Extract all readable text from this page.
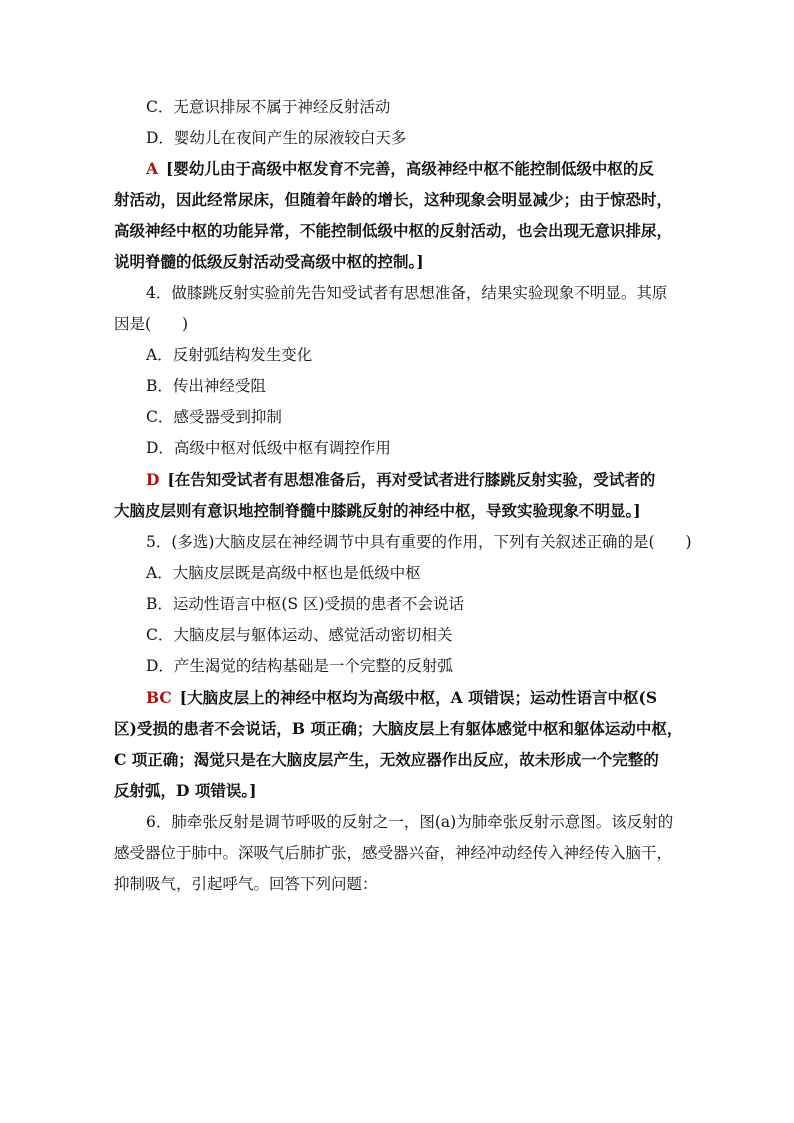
C．无意识排尿不属于神经反射活动
D．婴幼儿在夜间产生的尿液较白天多
A [婴幼儿由于高级中枢发育不完善，高级神经中枢不能控制低级中枢的反
射活动，因此经常尿床，但随着年龄的增长，这种现象会明显减少；由于惊恐时，
高级神经中枢的功能异常，不能控制低级中枢的反射活动，也会出现无意识排尿，
说明脊髓的低级反射活动受高级中枢的控制。]
4．做膝跳反射实验前先告知受试者有思想准备，结果实验现象不明显。其原
因是(　　)
A．反射弧结构发生变化
B．传出神经受阻
C．感受器受到抑制
D．高级中枢对低级中枢有调控作用
D [在告知受试者有思想准备后，再对受试者进行膝跳反射实验，受试者的
大脑皮层则有意识地控制脊髓中膝跳反射的神经中枢，导致实验现象不明显。]
5．(多选)大脑皮层在神经调节中具有重要的作用，下列有关叙述正确的是(　　)
A．大脑皮层既是高级中枢也是低级中枢
B．运动性语言中枢(S 区)受损的患者不会说话
C．大脑皮层与躯体运动、感觉活动密切相关
D．产生渴觉的结构基础是一个完整的反射弧
BC [大脑皮层上的神经中枢均为高级中枢，A 项错误；运动性语言中枢(S
区)受损的患者不会说话，B 项正确；大脑皮层上有躯体感觉中枢和躯体运动中枢，
C 项正确；渴觉只是在大脑皮层产生，无效应器作出反应，故未形成一个完整的
反射弧，D 项错误。]
6．肺牵张反射是调节呼吸的反射之一，图(a)为肺牵张反射示意图。该反射的
感受器位于肺中。深吸气后肺扩张，感受器兴奋，神经冲动经传入神经传入脑干，
抑制吸气，引起呼气。回答下列问题：
